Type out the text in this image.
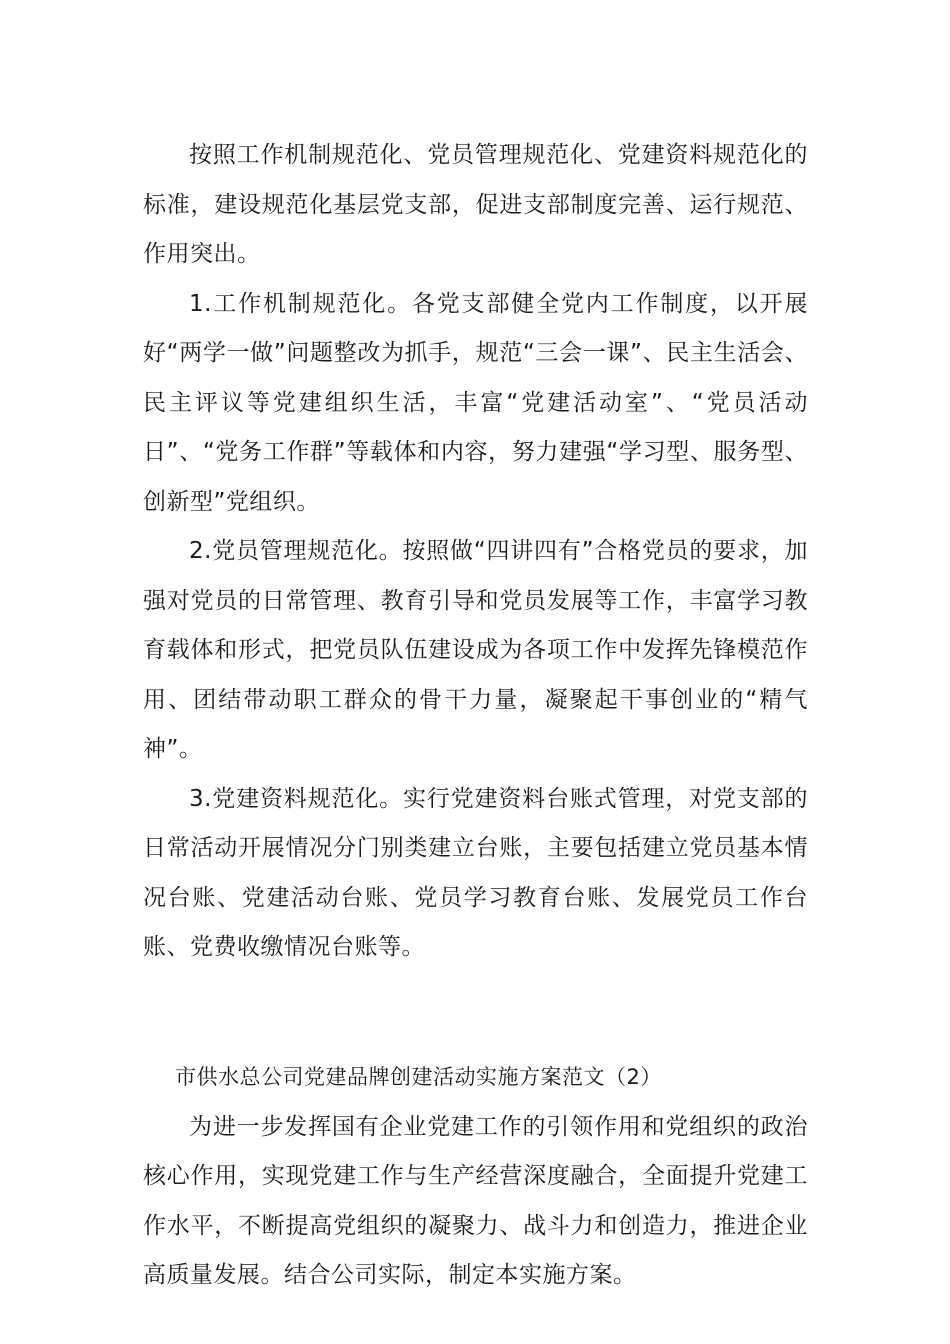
按照工作机制规范化、党员管理规范化、党建资料规范化的标准，建设规范化基层党支部，促进支部制度完善、运行规范、作用突出。

1.工作机制规范化。各党支部健全党内工作制度，以开展好“两学一做”问题整改为抓手，规范“三会一课”、民主生活会、民主评议等党建组织生活，丰富“党建活动室”、“党员活动日”、“党务工作群”等载体和内容，努力建强“学习型、服务型、创新型”党组织。

2.党员管理规范化。按照做“四讲四有”合格党员的要求，加强对党员的日常管理、教育引导和党员发展等工作，丰富学习教育载体和形式，把党员队伍建设成为各项工作中发挥先锋模范作用、团结带动职工群众的骨干力量，凝聚起干事创业的“精气神”。

3.党建资料规范化。实行党建资料台账式管理，对党支部的日常活动开展情况分门别类建立台账，主要包括建立党员基本情况台账、党建活动台账、党员学习教育台账、发展党员工作台账、党费收缴情况台账等。

市供水总公司党建品牌创建活动实施方案范文（2）

为进一步发挥国有企业党建工作的引领作用和党组织的政治核心作用，实现党建工作与生产经营深度融合，全面提升党建工作水平，不断提高党组织的凝聚力、战斗力和创造力，推进企业高质量发展。结合公司实际，制定本实施方案。
